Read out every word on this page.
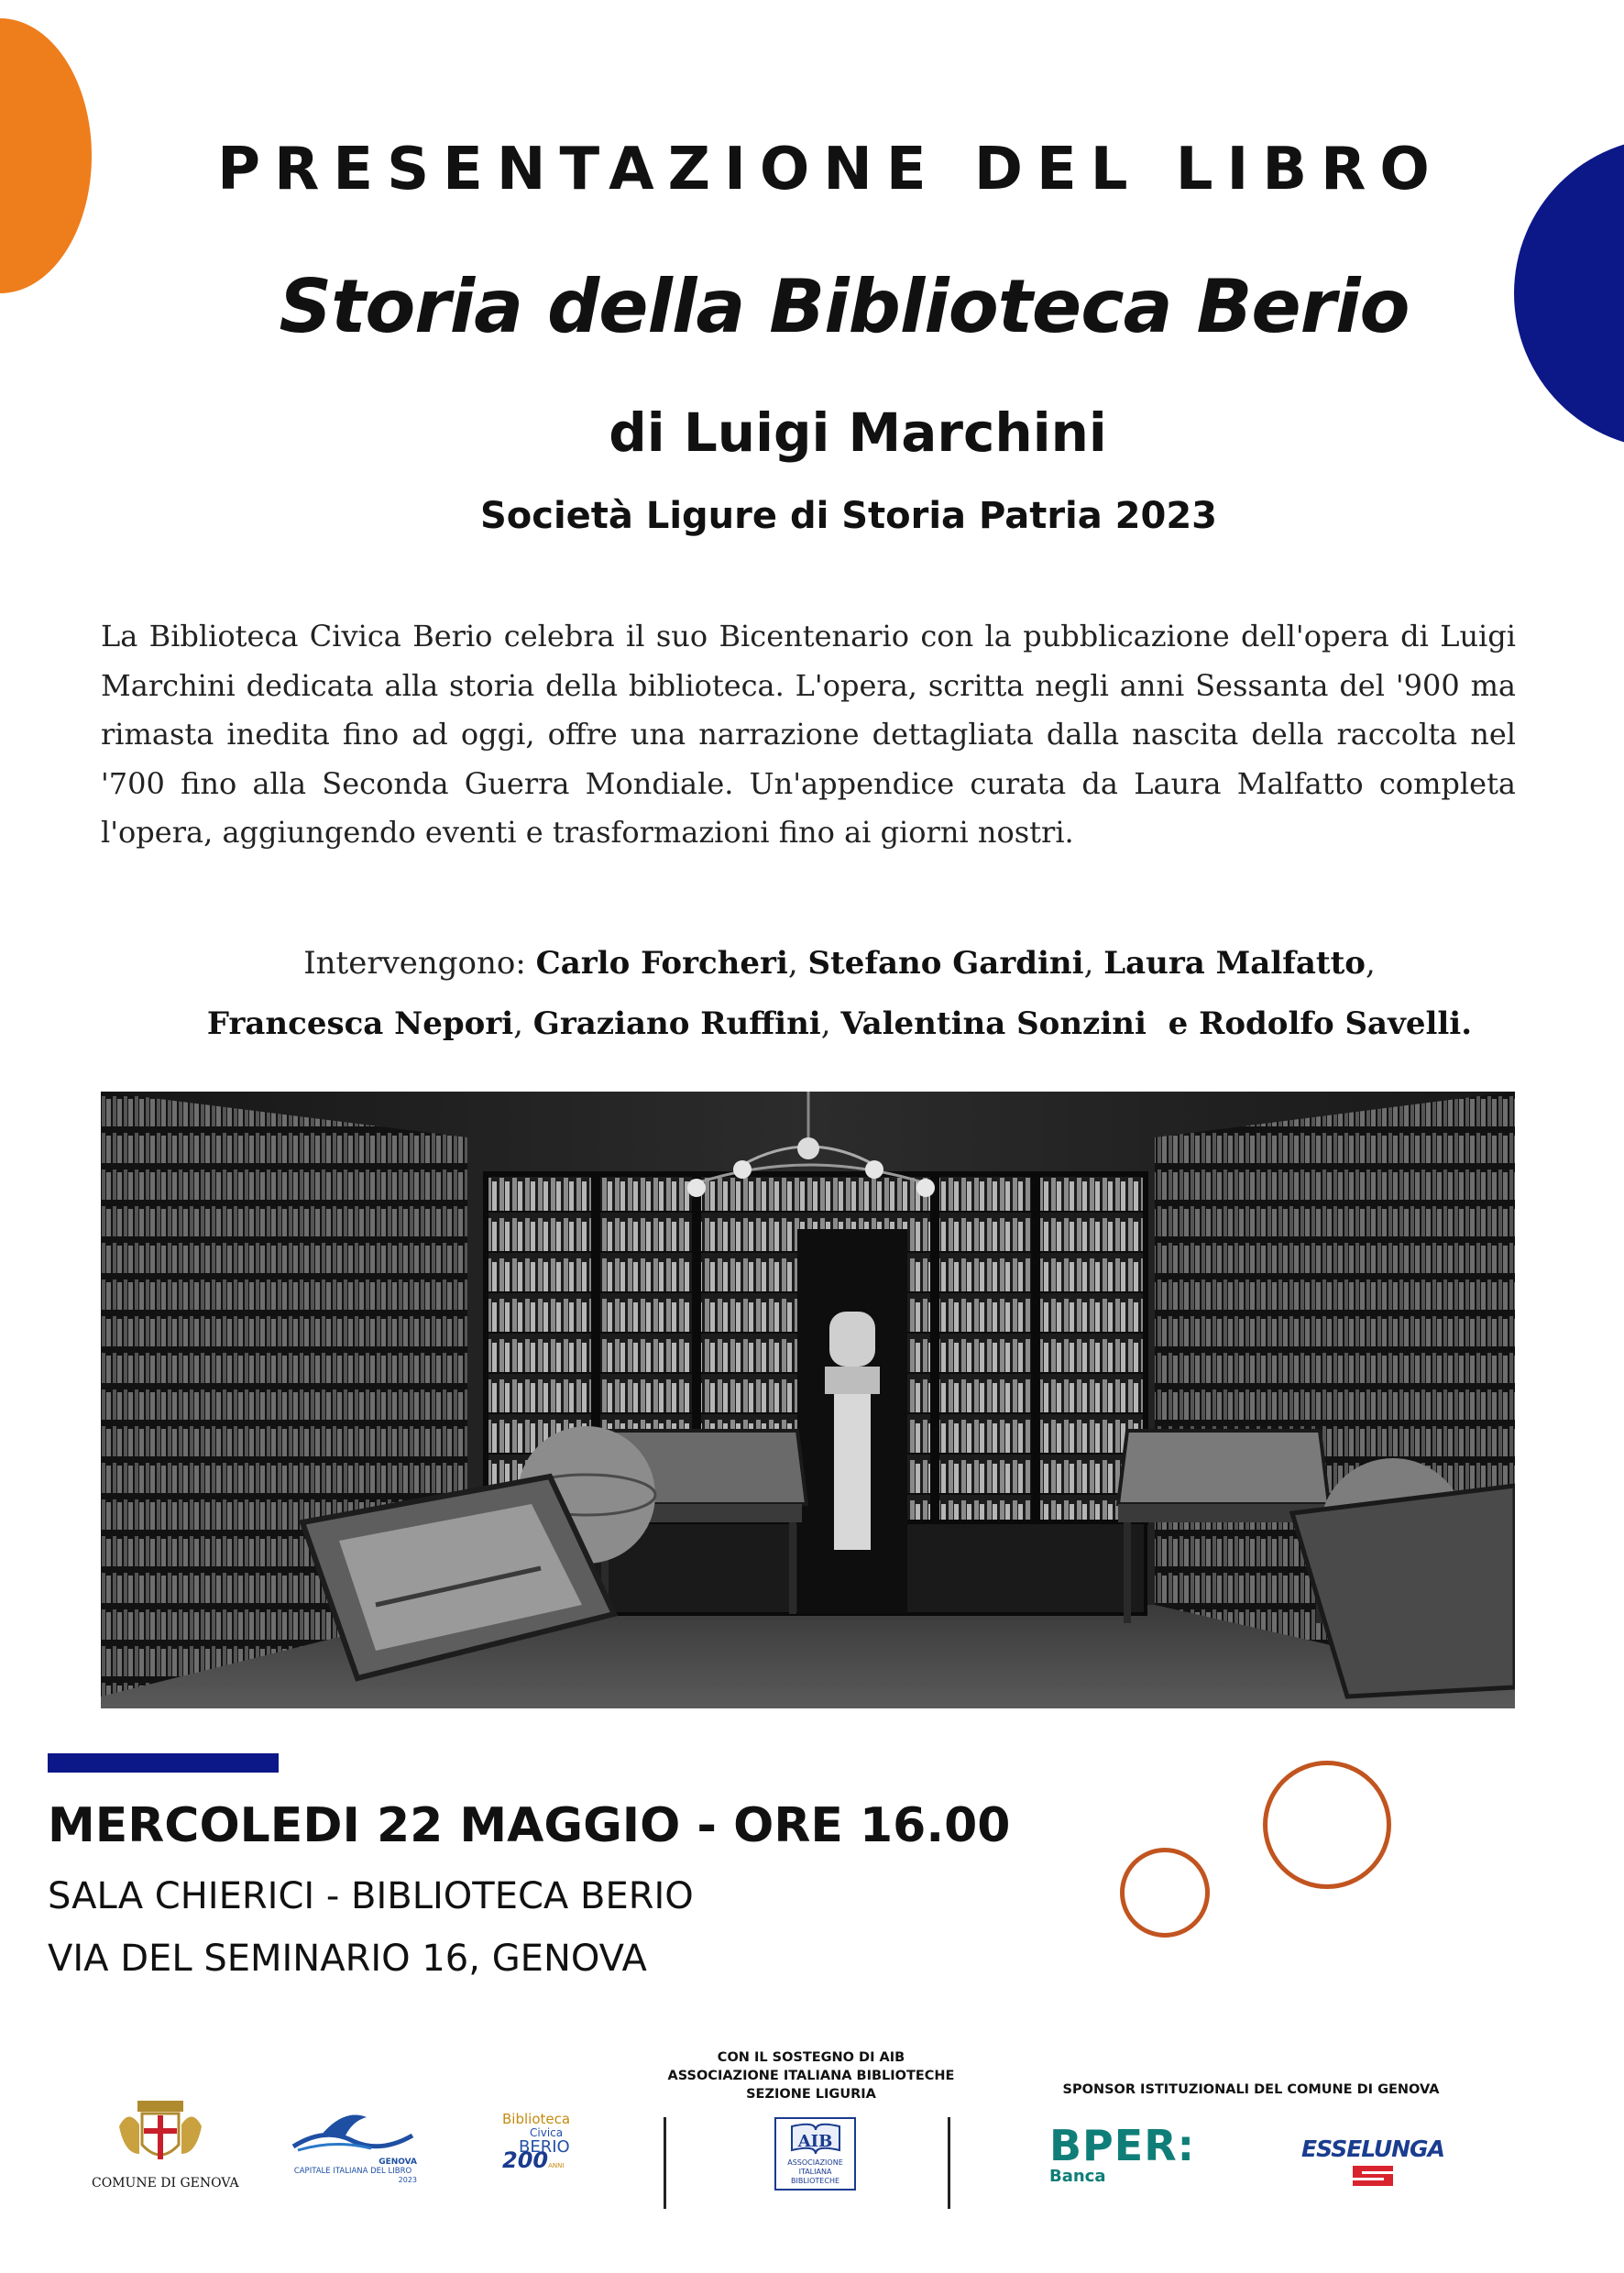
PRESENTAZIONE DEL LIBRO
Storia della Biblioteca Berio
di Luigi Marchini
Società Ligure di Storia Patria 2023

La Biblioteca Civica Berio celebra il suo Bicentenario con la pubblicazione dell'opera di Luigi Marchini dedicata alla storia della biblioteca. L'opera, scritta negli anni Sessanta del '900 ma rimasta inedita fino ad oggi, offre una narrazione dettagliata dalla nascita della raccolta nel '700 fino alla Seconda Guerra Mondiale. Un'appendice curata da Laura Malfatto completa l'opera, aggiungendo eventi e trasformazioni fino ai giorni nostri.

Intervengono: Carlo Forcheri, Stefano Gardini, Laura Malfatto,
Francesca Nepori, Graziano Ruffini, Valentina Sonzini  e Rodolfo Savelli.
MERCOLEDI 22 MAGGIO - ORE 16.00
SALA CHIERICI - BIBLIOTECA BERIO
VIA DEL SEMINARIO 16, GENOVA
CON IL SOSTEGNO DI AIB
ASSOCIAZIONE ITALIANA BIBLIOTECHE
SEZIONE LIGURIA	SPONSOR ISTITUZIONALI DEL COMUNE DI GENOVA
COMUNE DI GENOVA
GENOVA
CAPITALE ITALIANA DEL LIBRO
2023
Biblioteca
Civica
BERIO
200ANNI
AIB
ASSOCIAZIONE
ITALIANA
BIBLIOTECHE
BPER:
Banca
ESSELUNGA
